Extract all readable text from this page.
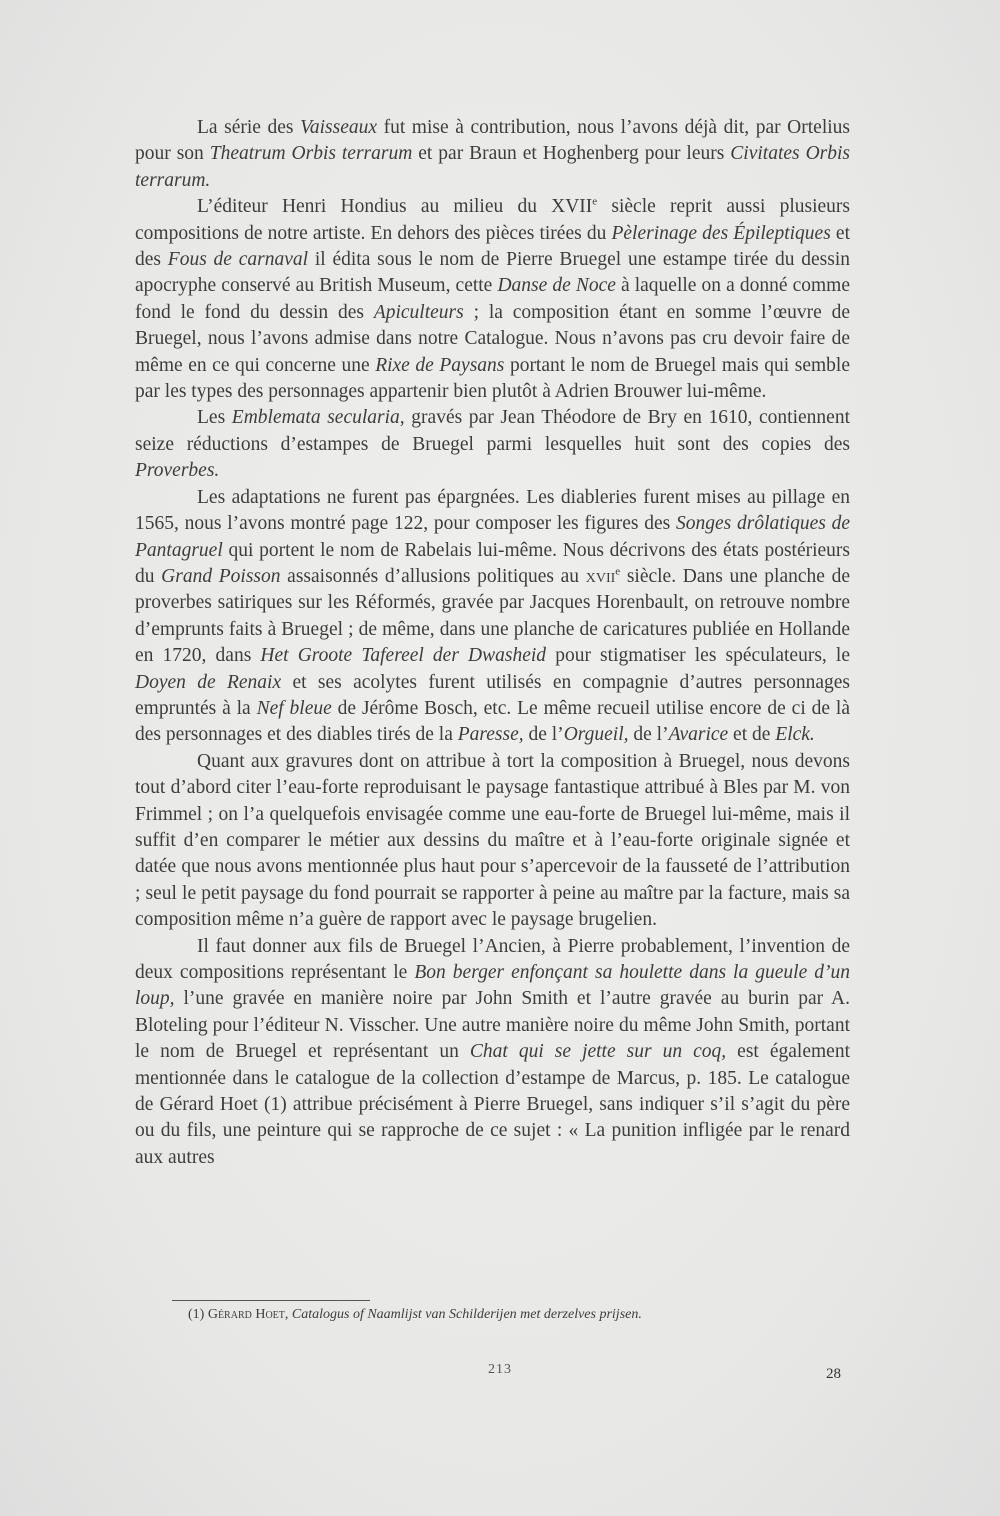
La série des Vaisseaux fut mise à contribution, nous l’avons déjà dit, par Ortelius pour son Theatrum Orbis terrarum et par Braun et Hoghenberg pour leurs Civitates Orbis terrarum.

L’éditeur Henri Hondius au milieu du XVIIe siècle reprit aussi plusieurs compositions de notre artiste. En dehors des pièces tirées du Pèlerinage des Épileptiques et des Fous de carnaval il édita sous le nom de Pierre Bruegel une estampe tirée du dessin apocryphe conservé au British Museum, cette Danse de Noce à laquelle on a donné comme fond le fond du dessin des Apiculteurs ; la composition étant en somme l’œuvre de Bruegel, nous l’avons admise dans notre Catalogue. Nous n’avons pas cru devoir faire de même en ce qui concerne une Rixe de Paysans portant le nom de Bruegel mais qui semble par les types des personnages appartenir bien plutôt à Adrien Brouwer lui-même.

Les Emblemata secularia, gravés par Jean Théodore de Bry en 1610, contiennent seize réductions d’estampes de Bruegel parmi lesquelles huit sont des copies des Proverbes.

Les adaptations ne furent pas épargnées. Les diableries furent mises au pillage en 1565, nous l’avons montré page 122, pour composer les figures des Songes drôlatiques de Pantagruel qui portent le nom de Rabelais lui-même. Nous décrivons des états postérieurs du Grand Poisson assaisonnés d’allusions politiques au xvii$^e$ siècle. Dans une planche de proverbes satiriques sur les Réformés, gravée par Jacques Horenbault, on retrouve nombre d’emprunts faits à Bruegel ; de même, dans une planche de caricatures publiée en Hollande en 1720, dans Het Groote Tafereel der Dwasheid pour stigmatiser les spéculateurs, le Doyen de Renaix et ses acolytes furent utilisés en compagnie d’autres personnages empruntés à la Nef bleue de Jérôme Bosch, etc. Le même recueil utilise encore de ci de là des personnages et des diables tirés de la Paresse, de l’Orgueil, de l’Avarice et de Elck.

Quant aux gravures dont on attribue à tort la composition à Bruegel, nous devons tout d’abord citer l’eau-forte reproduisant le paysage fantastique attribué à Bles par M. von Frimmel ; on l’a quelquefois envisagée comme une eau-forte de Bruegel lui-même, mais il suffit d’en comparer le métier aux dessins du maître et à l’eau-forte originale signée et datée que nous avons mentionnée plus haut pour s’apercevoir de la fausseté de l’attribution ; seul le petit paysage du fond pourrait se rapporter à peine au maître par la facture, mais sa composition même n’a guère de rapport avec le paysage brugelien.

Il faut donner aux fils de Bruegel l’Ancien, à Pierre probablement, l’invention de deux compositions représentant le Bon berger enfonçant sa houlette dans la gueule d’un loup, l’une gravée en manière noire par John Smith et l’autre gravée au burin par A. Bloteling pour l’éditeur N. Visscher. Une autre manière noire du même John Smith, portant le nom de Bruegel et représentant un Chat qui se jette sur un coq, est également mentionnée dans le catalogue de la collection d’estampe de Marcus, p. 185. Le catalogue de Gérard Hoet (1) attribue précisément à Pierre Bruegel, sans indiquer s’il s’agit du père ou du fils, une peinture qui se rapproche de ce sujet : « La punition infligée par le renard aux autres

(1) Gérard Hoet, Catalogus of Naamlijst van Schilderijen met derzelves prijsen.
213	28
